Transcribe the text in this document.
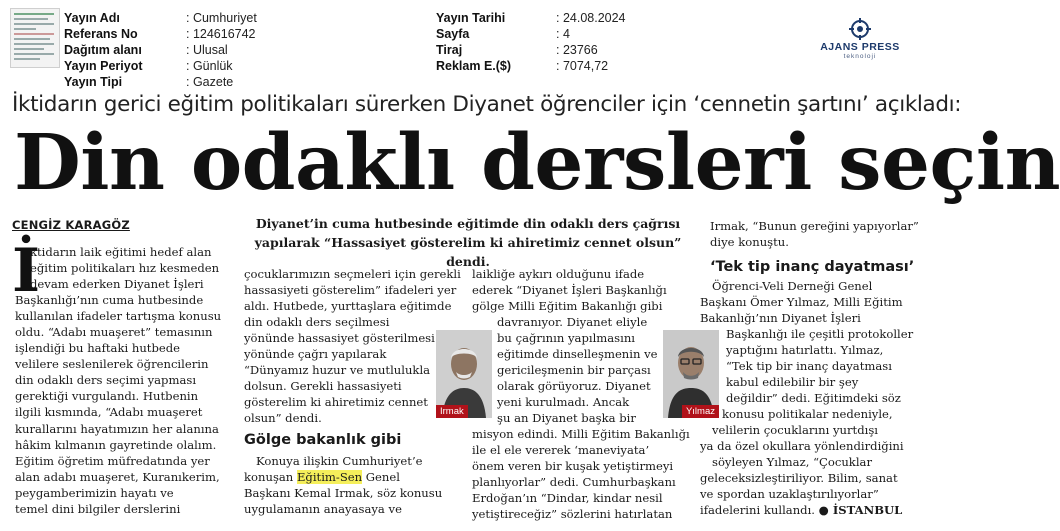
Yayın Adı	: Cumhuriyet
Referans No	: 124616742
Dağıtım alanı	: Ulusal
Yayın Periyot	: Günlük
Yayın Tipi	: Gazete
Yayın Tarihi	: 24.08.2024
Sayfa	: 4
Tiraj	: 23766
Reklam E.($)	: 7074,72
AJANS PRESS
teknoloji
İktidarın gerici eğitim politikaları sürerken Diyanet öğrenciler için ‘cennetin şartını’ açıkladı:
Din odaklı dersleri seçin
CENGİZ KARAGÖZ	Diyanet’in cuma hutbesinde eğitimde din odaklı ders çağrısı
yapılarak “Hassasiyet gösterelim ki ahiretimiz cennet olsun” dendi.
İ
ktidarın laik eğitimi hedef alan
eğitim politikaları hız kesmeden
devam ederken Diyanet İşleri
Başkanlığı’nın cuma hutbesinde
kullanılan ifadeler tartışma konusu
oldu. “Adabı muaşeret” temasının
işlendiği bu haftaki hutbede
velilere seslenilerek öğrencilerin
din odaklı ders seçimi yapması
gerektiği vurgulandı. Hutbenin
ilgili kısmında, “Adabı muaşeret
kurallarını hayatımızın her alanına
hâkim kılmanın gayretinde olalım.
Eğitim öğretim müfredatında yer
alan adabı muaşeret, Kuranıkerim,
peygamberimizin hayatı ve
temel dini bilgiler derslerini
çocuklarımızın seçmeleri için gerekli
hassasiyeti gösterelim” ifadeleri yer
aldı. Hutbede, yurttaşlara eğitimde
din odaklı ders seçilmesi
yönünde hassasiyet gösterilmesi
yönünde çağrı yapılarak
“Dünyamız huzur ve mutlulukla
dolsun. Gerekli hassasiyeti
gösterelim ki ahiretimiz cennet
olsun” dendi.
Gölge bakanlık gibi
Konuya ilişkin Cumhuriyet’e
konuşan Eğitim-Sen Genel
Başkanı Kemal Irmak, söz konusu
uygulamanın anayasaya ve
laikliğe aykırı olduğunu ifade
ederek “Diyanet İşleri Başkanlığı
gölge Milli Eğitim Bakanlığı gibi
davranıyor. Diyanet eliyle
bu çağrının yapılmasını
eğitimde dinselleşmenin ve
gericileşmenin bir parçası
olarak görüyoruz. Diyanet
yeni kurulmadı. Ancak
şu an Diyanet başka bir
misyon edindi. Milli Eğitim Bakanlığı
ile el ele vererek ‘maneviyata’
önem veren bir kuşak yetiştirmeyi
planlıyorlar” dedi. Cumhurbaşkanı
Erdoğan’ın “Dindar, kindar nesil
yetiştireceğiz” sözlerini hatırlatan
Irmak	Yılmaz
Irmak, “Bunun gereğini yapıyorlar”
diye konuştu.
‘Tek tip inanç dayatması’
Öğrenci-Veli Derneği Genel
Başkanı Ömer Yılmaz, Milli Eğitim
Bakanlığı’nın Diyanet İşleri
Başkanlığı ile çeşitli protokoller
yaptığını hatırlattı. Yılmaz,
“Tek tip bir inanç dayatması
kabul edilebilir bir şey
değildir” dedi. Eğitimdeki söz
konusu politikalar nedeniyle,
velilerin çocuklarını yurtdışı
ya da özel okullara yönlendirdiğini
söyleyen Yılmaz, “Çocuklar
geleceksizleştiriliyor. Bilim, sanat
ve spordan uzaklaştırılıyorlar”
ifadelerini kullandı. ● İSTANBUL
